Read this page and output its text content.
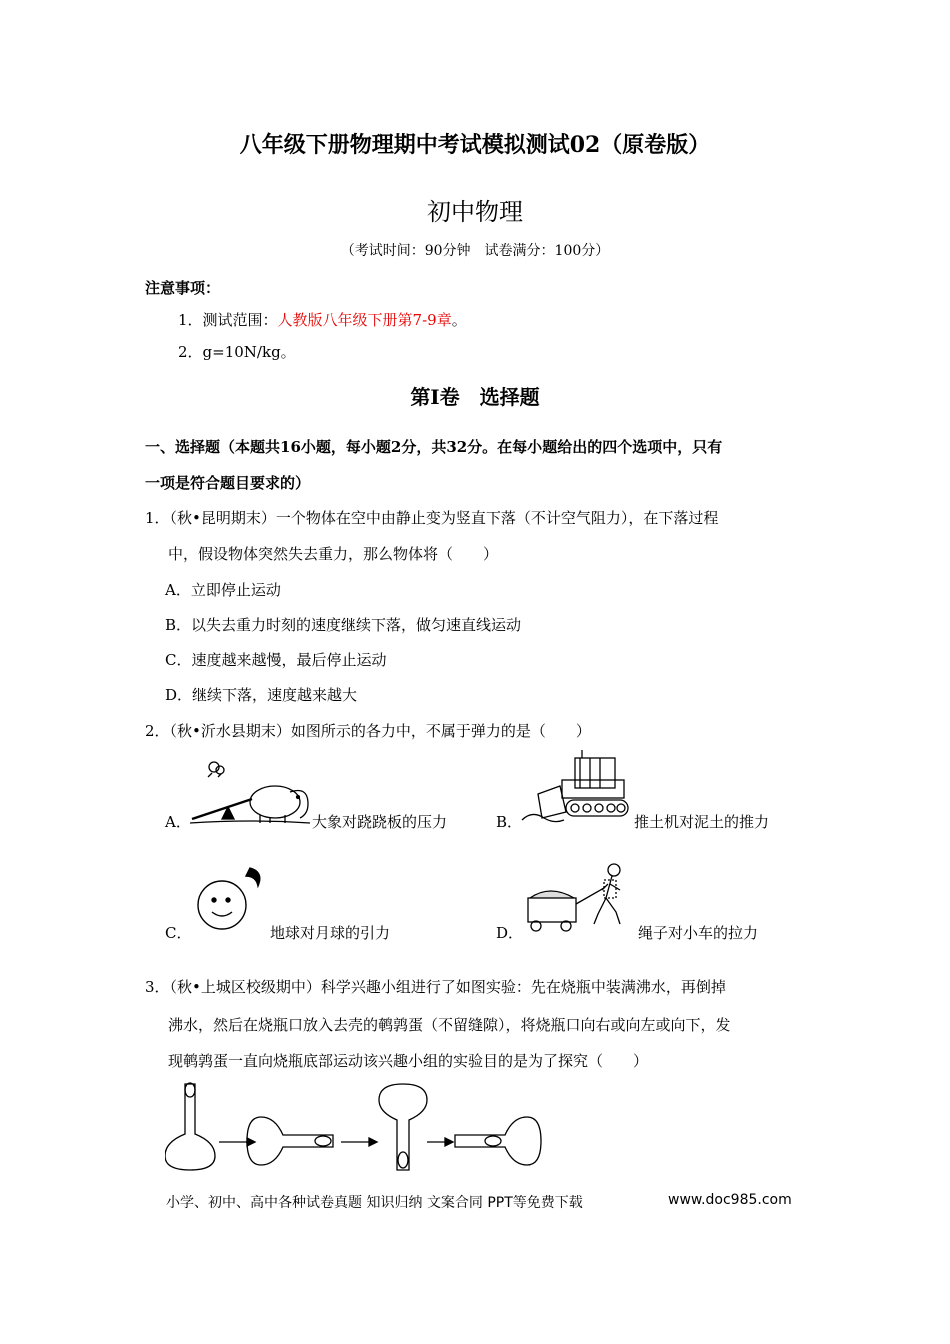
八年级下册物理期中考试模拟测试02（原卷版）
初中物理
（考试时间：90分钟　试卷满分：100分）
注意事项：
1．测试范围：人教版八年级下册第7-9章。
2．g=10N/kg。
第Ⅰ卷　选择题
一、选择题（本题共16小题，每小题2分，共32分。在每小题给出的四个选项中，只有
一项是符合题目要求的）
1．（秋•昆明期末）一个物体在空中由静止变为竖直下落（不计空气阻力），在下落过程
中，假设物体突然失去重力，那么物体将（　　）
A．立即停止运动
B．以失去重力时刻的速度继续下落，做匀速直线运动
C．速度越来越慢，最后停止运动
D．继续下落，速度越来越大
2．（秋•沂水县期末）如图所示的各力中，不属于弹力的是（　　）
A．	大象对跷跷板的压力	B．	推土机对泥土的推力
C．	地球对月球的引力	D．	绳子对小车的拉力
3．（秋•上城区校级期中）科学兴趣小组进行了如图实验：先在烧瓶中装满沸水，再倒掉
沸水，然后在烧瓶口放入去壳的鹌鹑蛋（不留缝隙），将烧瓶口向右或向左或向下，发
现鹌鹑蛋一直向烧瓶底部运动该兴趣小组的实验目的是为了探究（　　）
小学、初中、高中各种试卷真题 知识归纳 文案合同 PPT等免费下载	www.doc985.com
